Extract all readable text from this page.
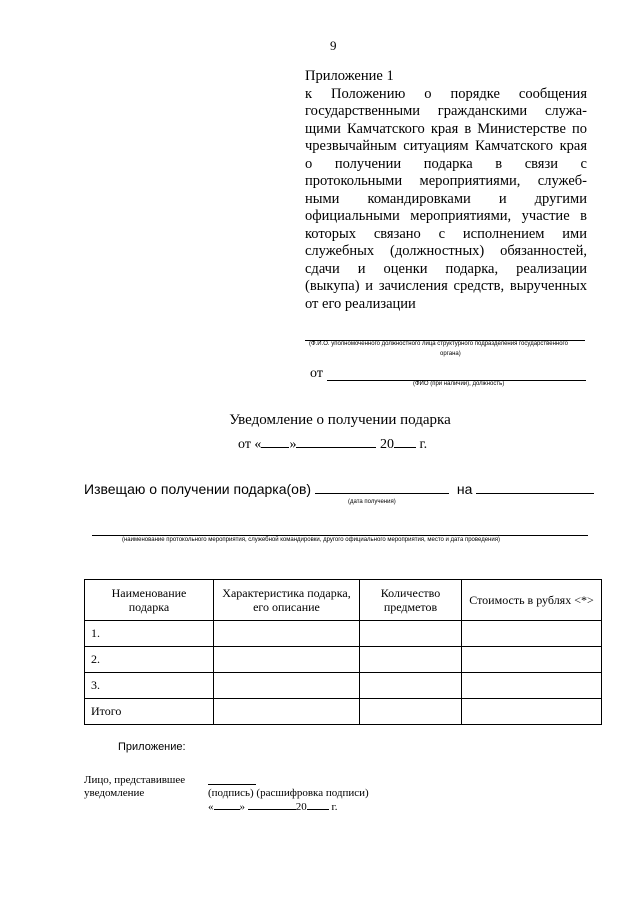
9
Приложение 1
к Положению о порядке сообщения государственными гражданскими служа-щими Камчатского края в Министерстве по чрезвычайным ситуациям Камчатского края о получении подарка в связи с протокольными мероприятиями, служеб-ными командировками и другими официальными мероприятиями, участие в которых связано с исполнением ими служебных (должностных) обязанностей, сдачи и оценки подарка, реализации (выкупа) и зачисления средств, вырученных от его реализации
(Ф.И.О. уполномоченного должностного лица структурного подразделения государственного
органа)
от
(ФИО (при наличии), должность)
Уведомление о получении подарка
от « »	20 г.
Извещаю о получении подарка(ов)	на
(дата получения)
(наименование протокольного мероприятия, служебной командировки, другого официального мероприятия, место и дата проведения)
Наименование подарка	Характеристика подарка, его описание	Количество предметов	Стоимость в рублях <*>
1.			
2.			
3.			
Итого			
Приложение:
Лицо, представившее
уведомление	(подпись) (расшифровка подписи)
« »	20 г.
